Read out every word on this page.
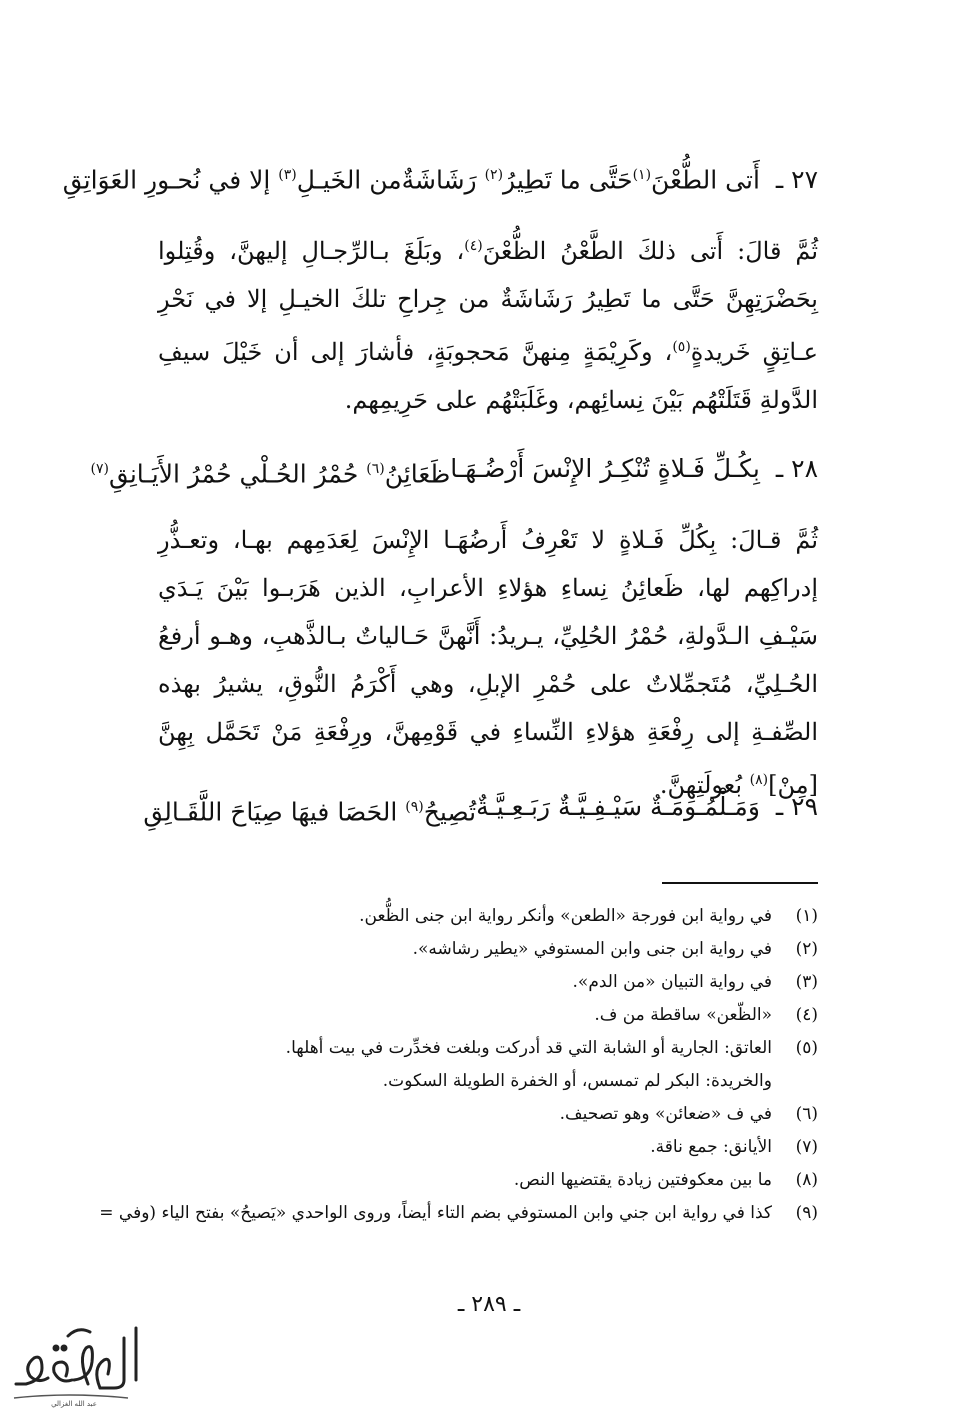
٢٧ ـ أَتى الطُّعْنَ$^{(١)}$حَتَّى ما تَطِيرُ$^{(٢)}$ رَشَاشَةٌ
من الخَيـلِ$^{(٣)}$ إلا في نُحـورِ العَوَاتِقِ
ثُمَّ قالَ: أَتى ذلكَ الطَّعْنُ الظُّعْنَ$^{(٤)}$، وبَلَغَ بـالرِّجـالِ إليهنَّ، وقُتِلوا بِحَضْرَتِهِنَّ حَتَّى ما تَطِيرُ رَشَاشَةٌ من جِراحِ تلكَ الخيـلِ إلا في نَحْرِ عـاتِقٍ خَريدةٍ$^{(٥)}$، وكَرِيْمَةٍ مِنهنَّ مَحجوبَةٍ، فأشارَ إلى أن خَيْلَ سيفِ الدَّولةِ قَتَلَتْهُم بَيْنَ نِسائِهم، وغَلَبَتْهُم على حَرِيمِهم.
٢٨ ـ بِكُـلِّ فَـلاةٍ تُنْكِـرُ الإِنْسَ أَرْضُـهَـا
ظَعَائِنُ$^{(٦)}$ حُمْرُ الحُـلْي حُمْرُ الأَيَـانِقِ$^{(٧)}$
ثُمَّ قـالَ: بِكُلِّ فَـلاةٍ لا تَعْرِفُ أَرضُهَـا الإِنْسَ لِعَدَمِهم بهـا، وتعـذُّرِ إدراكِهم لها، ظَعائِنُ نِساءِ هؤلاءِ الأعرابِ، الذين هَرَبـوا بَيْنَ يَـدَي سَيْـفِ الـدَّولةِ، حُمْرُ الحُلِيِّ، يـريدُ: أَنَّهنَّ حَـالياتٌ بـالذَّهبِ، وهـو أرفعُ الحُـلِيِّ، مُتَجمِّلاتٌ على حُمْرِ الإبلِ، وهي أَكْرَمُ النُّوقِ، يشيرُ بهذه الصِّفـةِ إلى رِفْعَةِ هؤلاءِ النِّساءِ في قَوْمِهنَّ، ورِفْعَةِ مَنْ تَحَمَّل بِهِنَّ [مِنْ]$^{(٨)}$ بُعولَتِهِنَّ.
٢٩ ـ وَمَـلْمُـومَـةٌ سَيْـفِـيَّـةٌ رَبَـعِـيَّـةٌ
تُصِيحُ$^{(٩)}$ الحَصَا فيهَا صِيَاحَ اللَّقَـالِقِ
(١)
في رواية ابن فورجة «الطعن» وأنكر رواية ابن جنى الظُّعن.
(٢)
في رواية ابن جنى وابن المستوفي «يطير رشاشه».
(٣)
في رواية التبيان «من الدم».
(٤)
«الظّعن» ساقطة من ف.
(٥)
العاتق: الجارية أو الشابة التي قد أدركت وبلغت فخدِّرت في بيت أهلها.
والخريدة: البكر لم تمسس، أو الخفرة الطويلة السكوت.
(٦)
في ف «ضعائن» وهو تصحيف.
(٧)
الأيانق: جمع ناقة.
(٨)
ما بين معكوفتين زيادة يقتضيها النص.
(٩)
كذا في رواية ابن جني وابن المستوفي بضم التاء أيضاً، وروى الواحدي «يَصيحُ» بفتح الياء (وفي =
ـ ٢٨٩ ـ
عبد الله الغزالي
